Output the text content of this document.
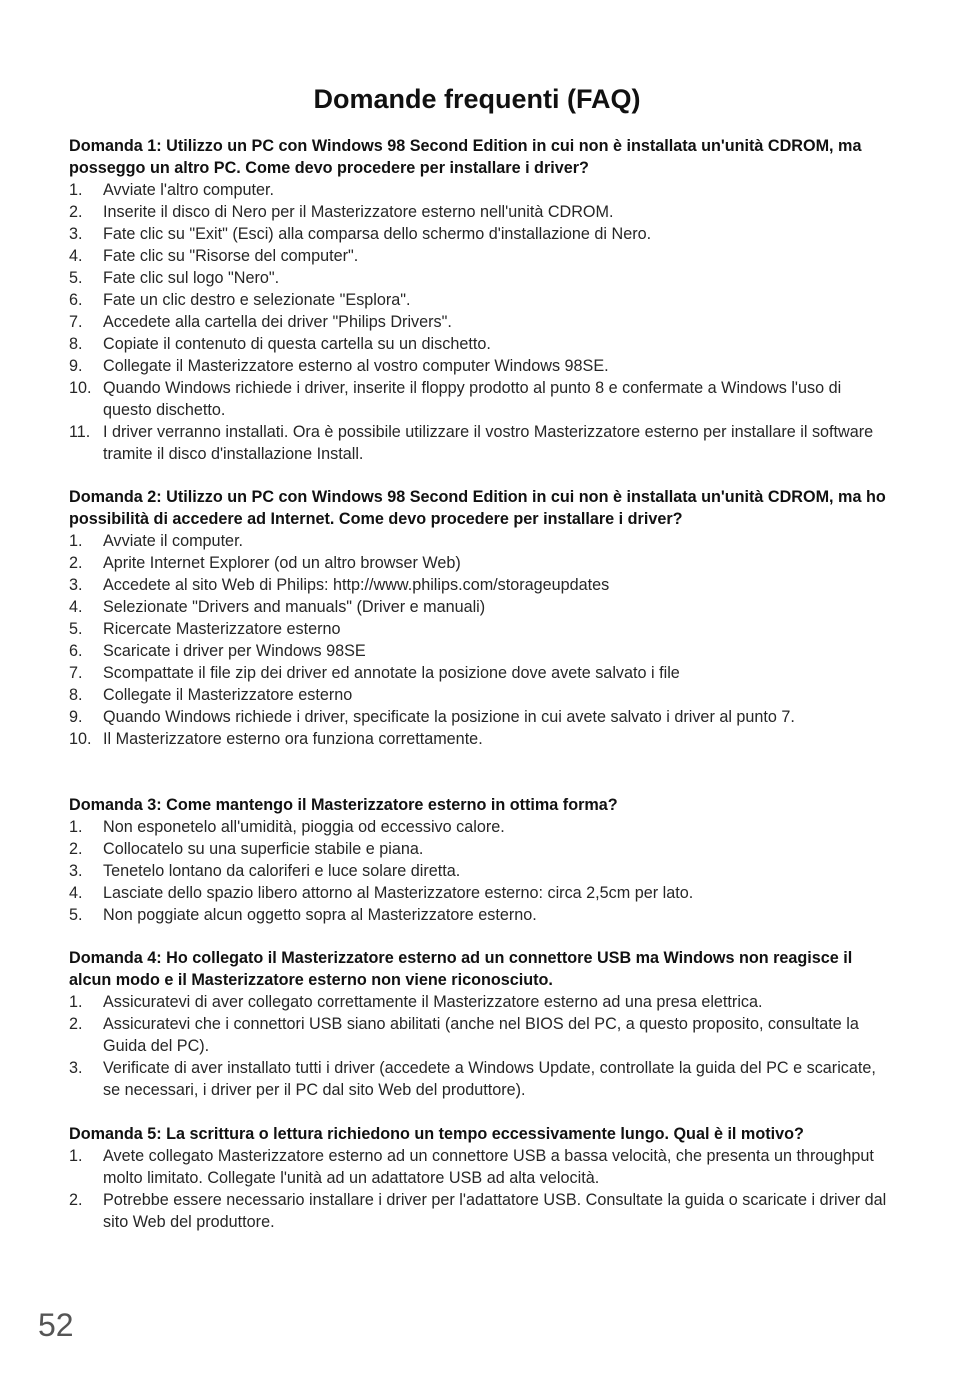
Domande frequenti (FAQ)

Domanda 1: Utilizzo un PC con Windows 98 Second Edition in cui non è installata un'unità CDROM, ma posseggo un altro PC. Come devo procedere per installare i driver?

1.	Avviate l'altro computer.
2.	Inserite il disco di Nero per il Masterizzatore esterno nell'unità CDROM.
3.	Fate clic su "Exit" (Esci) alla comparsa dello schermo d'installazione di Nero.
4.	Fate clic su "Risorse del computer".
5.	Fate clic sul logo "Nero".
6.	Fate un clic destro e selezionate "Esplora".
7.	Accedete alla cartella dei driver "Philips Drivers".
8.	Copiate il contenuto di questa cartella su un dischetto.
9.	Collegate il Masterizzatore esterno al vostro computer Windows 98SE.
10. Quando Windows richiede i driver, inserite il floppy prodotto al punto 8 e confermate a Windows l'uso di questo dischetto.
11. I driver verranno installati. Ora è possibile utilizzare il vostro Masterizzatore esterno per installare il software tramite il disco d'installazione Install.

Domanda 2: Utilizzo un PC con Windows 98 Second Edition in cui non è installata un'unità CDROM, ma ho possibilità di accedere ad Internet. Come devo procedere per installare i driver?

1.	Avviate il computer.
2.	Aprite Internet Explorer (od un altro browser Web)
3.	Accedete al sito Web di Philips: http://www.philips.com/storageupdates
4.	Selezionate "Drivers and manuals" (Driver e manuali)
5.	Ricercate Masterizzatore esterno
6.	Scaricate i driver per Windows 98SE
7.	Scompattate il file zip dei driver ed annotate la posizione dove avete salvato i file
8.	Collegate il Masterizzatore esterno
9.	Quando Windows richiede i driver, specificate la posizione in cui avete salvato i driver al punto 7.
10. Il Masterizzatore esterno ora funziona correttamente.

Domanda 3: Come mantengo il Masterizzatore esterno in ottima forma?

1.	Non esponetelo all'umidità, pioggia od eccessivo calore.
2.	Collocatelo su una superficie stabile e piana.
3.	Tenetelo lontano da caloriferi e luce solare diretta.
4.	Lasciate dello spazio libero attorno al Masterizzatore esterno: circa 2,5cm per lato.
5.	Non poggiate alcun oggetto sopra al Masterizzatore esterno.

Domanda 4: Ho collegato il Masterizzatore esterno ad un connettore USB ma Windows non reagisce il alcun modo e il Masterizzatore esterno non viene riconosciuto.

1.	Assicuratevi di aver collegato correttamente il Masterizzatore esterno ad una presa elettrica.
2.	Assicuratevi che i connettori USB siano abilitati (anche nel BIOS del PC, a questo proposito, consultate la Guida del PC).
3.	Verificate di aver installato tutti i driver (accedete a Windows Update, controllate la guida del PC e scaricate, se necessari, i driver per il PC dal sito Web del produttore).

Domanda 5: La scrittura o lettura richiedono un tempo eccessivamente lungo. Qual è il motivo?

1.	Avete collegato Masterizzatore esterno ad un connettore USB a bassa velocità, che presenta un throughput molto limitato. Collegate l'unità ad un adattatore USB ad alta velocità.
2.	Potrebbe essere necessario installare i driver per l'adattatore USB. Consultate la guida o scaricate i driver dal sito Web del produttore.
52
